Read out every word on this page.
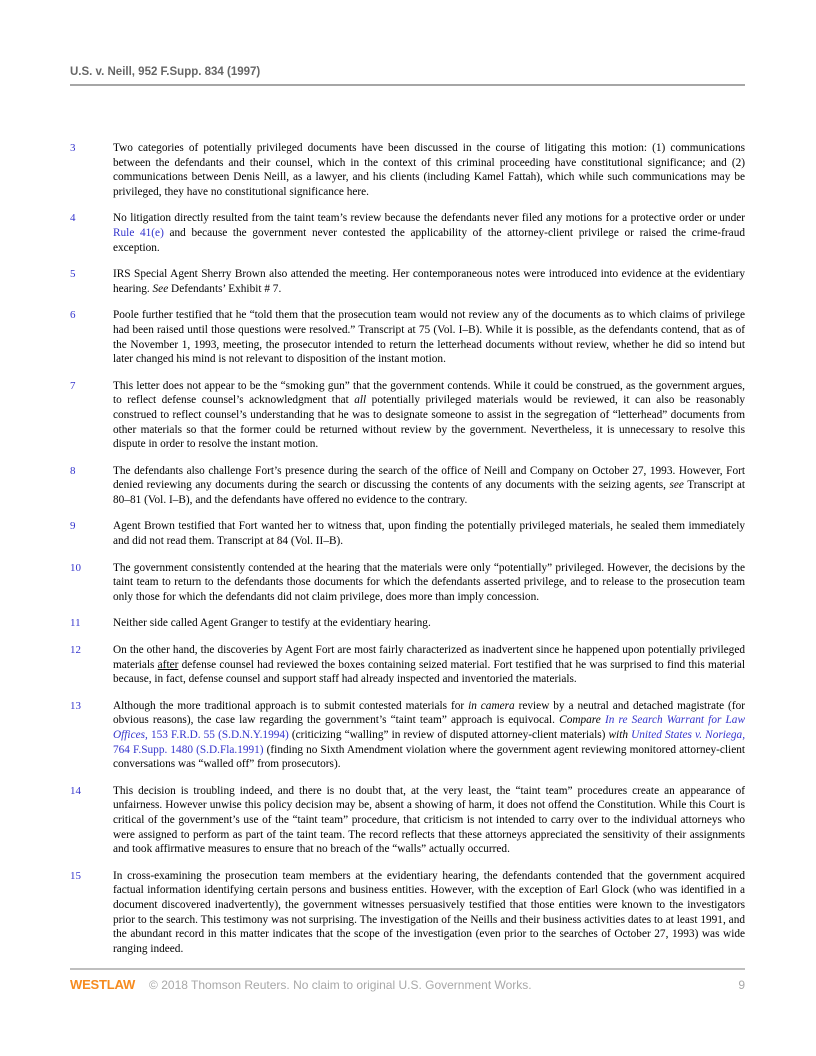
U.S. v. Neill, 952 F.Supp. 834 (1997)
3	Two categories of potentially privileged documents have been discussed in the course of litigating this motion: (1) communications between the defendants and their counsel, which in the context of this criminal proceeding have constitutional significance; and (2) communications between Denis Neill, as a lawyer, and his clients (including Kamel Fattah), which while such communications may be privileged, they have no constitutional significance here.
4	No litigation directly resulted from the taint team’s review because the defendants never filed any motions for a protective order or under Rule 41(e) and because the government never contested the applicability of the attorney-client privilege or raised the crime-fraud exception.
5	IRS Special Agent Sherry Brown also attended the meeting. Her contemporaneous notes were introduced into evidence at the evidentiary hearing. See Defendants’ Exhibit # 7.
6	Poole further testified that he “told them that the prosecution team would not review any of the documents as to which claims of privilege had been raised until those questions were resolved.” Transcript at 75 (Vol. I–B). While it is possible, as the defendants contend, that as of the November 1, 1993, meeting, the prosecutor intended to return the letterhead documents without review, whether he did so intend but later changed his mind is not relevant to disposition of the instant motion.
7	This letter does not appear to be the “smoking gun” that the government contends. While it could be construed, as the government argues, to reflect defense counsel’s acknowledgment that all potentially privileged materials would be reviewed, it can also be reasonably construed to reflect counsel’s understanding that he was to designate someone to assist in the segregation of “letterhead” documents from other materials so that the former could be returned without review by the government. Nevertheless, it is unnecessary to resolve this dispute in order to resolve the instant motion.
8	The defendants also challenge Fort’s presence during the search of the office of Neill and Company on October 27, 1993. However, Fort denied reviewing any documents during the search or discussing the contents of any documents with the seizing agents, see Transcript at 80–81 (Vol. I–B), and the defendants have offered no evidence to the contrary.
9	Agent Brown testified that Fort wanted her to witness that, upon finding the potentially privileged materials, he sealed them immediately and did not read them. Transcript at 84 (Vol. II–B).
10	The government consistently contended at the hearing that the materials were only “potentially” privileged. However, the decisions by the taint team to return to the defendants those documents for which the defendants asserted privilege, and to release to the prosecution team only those for which the defendants did not claim privilege, does more than imply concession.
11	Neither side called Agent Granger to testify at the evidentiary hearing.
12	On the other hand, the discoveries by Agent Fort are most fairly characterized as inadvertent since he happened upon potentially privileged materials after defense counsel had reviewed the boxes containing seized material. Fort testified that he was surprised to find this material because, in fact, defense counsel and support staff had already inspected and inventoried the materials.
13	Although the more traditional approach is to submit contested materials for in camera review by a neutral and detached magistrate (for obvious reasons), the case law regarding the government’s “taint team” approach is equivocal. Compare In re Search Warrant for Law Offices, 153 F.R.D. 55 (S.D.N.Y.1994) (criticizing “walling” in review of disputed attorney-client materials) with United States v. Noriega, 764 F.Supp. 1480 (S.D.Fla.1991) (finding no Sixth Amendment violation where the government agent reviewing monitored attorney-client conversations was “walled off” from prosecutors).
14	This decision is troubling indeed, and there is no doubt that, at the very least, the “taint team” procedures create an appearance of unfairness. However unwise this policy decision may be, absent a showing of harm, it does not offend the Constitution. While this Court is critical of the government’s use of the “taint team” procedure, that criticism is not intended to carry over to the individual attorneys who were assigned to perform as part of the taint team. The record reflects that these attorneys appreciated the sensitivity of their assignments and took affirmative measures to ensure that no breach of the “walls” actually occurred.
15	In cross-examining the prosecution team members at the evidentiary hearing, the defendants contended that the government acquired factual information identifying certain persons and business entities. However, with the exception of Earl Glock (who was identified in a document discovered inadvertently), the government witnesses persuasively testified that those entities were known to the investigators prior to the search. This testimony was not surprising. The investigation of the Neills and their business activities dates to at least 1991, and the abundant record in this matter indicates that the scope of the investigation (even prior to the searches of October 27, 1993) was wide ranging indeed.
WESTLAW © 2018 Thomson Reuters. No claim to original U.S. Government Works.	9
